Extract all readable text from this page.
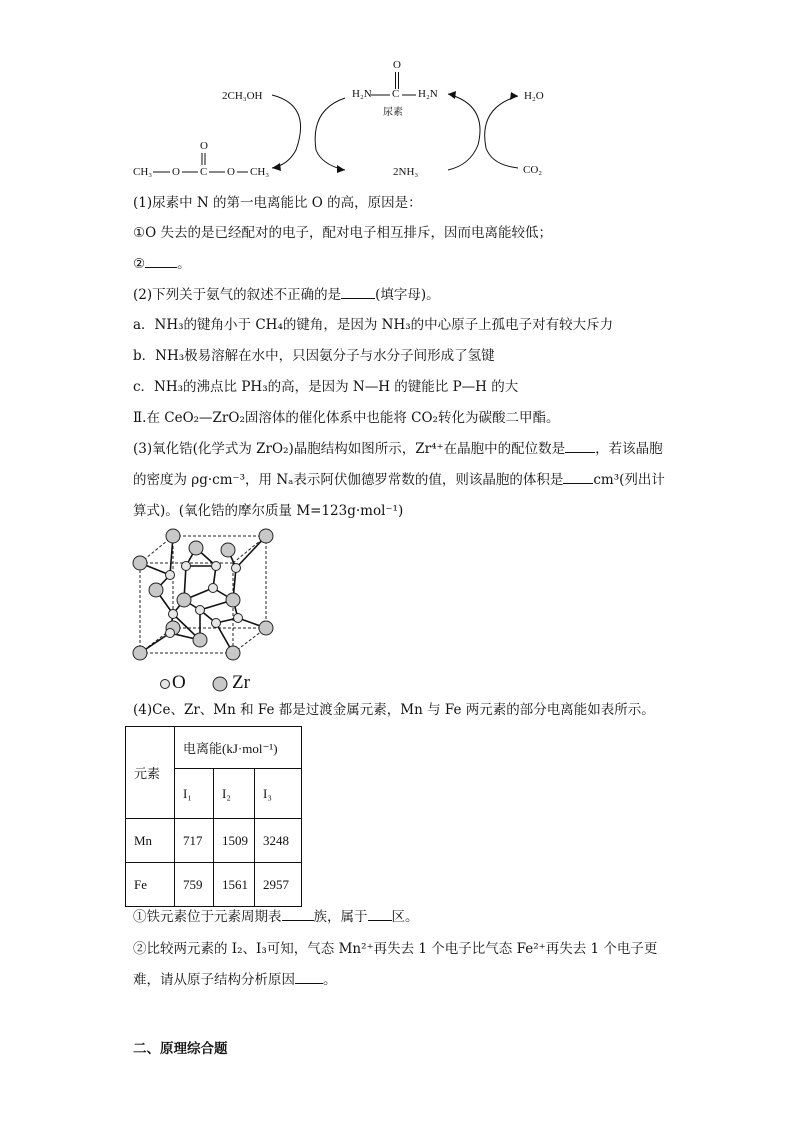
2CH₃OH	H₂N C
O
H₂N
尿素
H₂O
CH₃ O C
O
O CH₃	2NH₃	CO₂
(1)尿素中 N 的第一电离能比 O 的高，原因是：
①O 失去的是已经配对的电子，配对电子相互排斥，因而电离能较低；
② 。
(2)下列关于氨气的叙述不正确的是	(填字母)。
a．NH₃的键角小于 CH₄的键角，是因为 NH₃的中心原子上孤电子对有较大斥力
b．NH₃极易溶解在水中，只因氨分子与水分子间形成了氢键
c．NH₃的沸点比 PH₃的高，是因为 N—H 的键能比 P—H 的大
Ⅱ.在 CeO₂—ZrO₂固溶体的催化体系中也能将 CO₂转化为碳酸二甲酯。
(3)氧化锆(化学式为 ZrO₂)晶胞结构如图所示，Zr⁴⁺在晶胞中的配位数是 ，若该晶胞
的密度为 ρg·cm⁻³，用 Nₐ表示阿伏伽德罗常数的值，则该晶胞的体积是 cm³(列出计
算式)。(氧化锆的摩尔质量 M=123g·mol⁻¹)
O Zr
(4)Ce、Zr、Mn 和 Fe 都是过渡金属元素，Mn 与 Fe 两元素的部分电离能如表所示。
元素	电离能(kJ·mol⁻¹)		
	I₁	I₂	I₃
Mn	717	1509	3248
Fe	759	1561	2957
①铁元素位于元素周期表 族，属于 区。
②比较两元素的 I₂、I₃可知，气态 Mn²⁺再失去 1 个电子比气态 Fe²⁺再失去 1 个电子更
难，请从原子结构分析原因 。
二、原理综合题
